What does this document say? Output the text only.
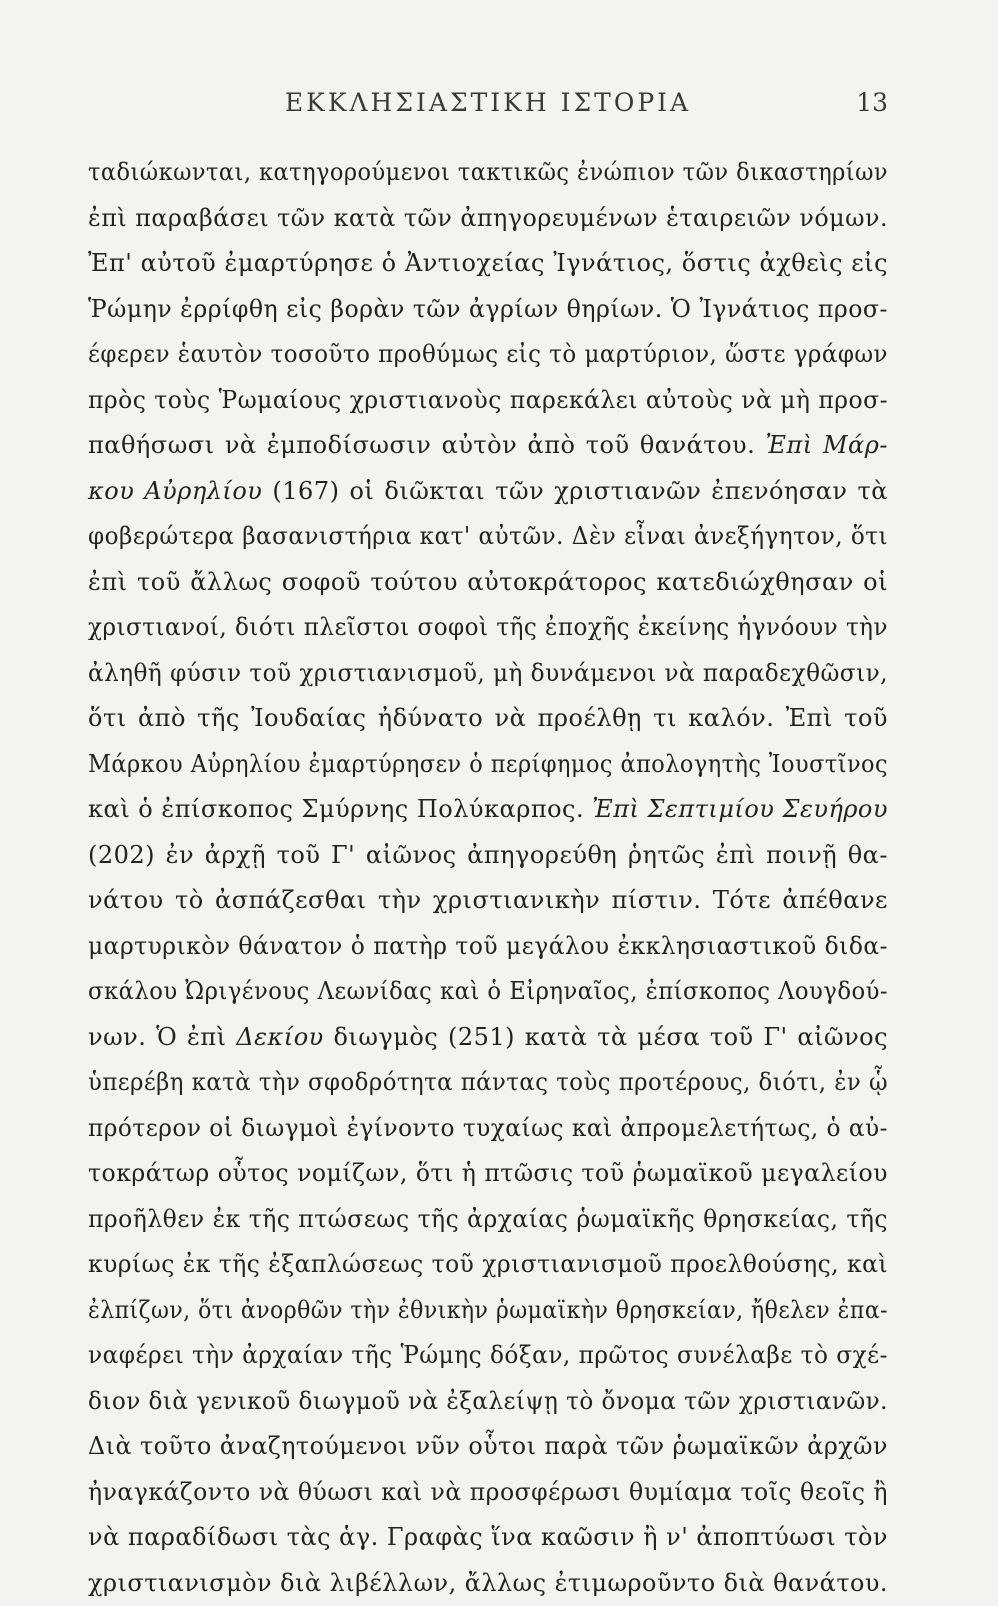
ΕΚΚΛΗΣΙΑΣΤΙΚΗ ΙΣΤΟΡΙΑ	13
ταδιώκωνται, κατηγορούμενοι τακτικῶς ἐνώπιον τῶν δικαστηρίων
ἐπὶ παραβάσει τῶν κατὰ τῶν ἀπηγορευμένων ἑταιρειῶν νόμων.
Ἐπ' αὐτοῦ ἐμαρτύρησε ὁ Ἀντιοχείας Ἰγνάτιος, ὅστις ἀχθεὶς εἰς
Ῥώμην ἐρρίφθη εἰς βορὰν τῶν ἀγρίων θηρίων. Ὁ Ἰγνάτιος προσ-
έφερεν ἑαυτὸν τοσοῦτο προθύμως εἰς τὸ μαρτύριον, ὥστε γράφων
πρὸς τοὺς Ῥωμαίους χριστιανοὺς παρεκάλει αὐτοὺς νὰ μὴ προσ-
παθήσωσι νὰ ἐμποδίσωσιν αὐτὸν ἀπὸ τοῦ θανάτου. Ἐπὶ Μάρ-
κου Αὐρηλίου (167) οἱ διῶκται τῶν χριστιανῶν ἐπενόησαν τὰ
φοβερώτερα βασανιστήρια κατ' αὐτῶν. Δὲν εἶναι ἀνεξήγητον, ὅτι
ἐπὶ τοῦ ἄλλως σοφοῦ τούτου αὐτοκράτορος κατεδιώχθησαν οἱ
χριστιανοί, διότι πλεῖστοι σοφοὶ τῆς ἐποχῆς ἐκείνης ἠγνόουν τὴν
ἀληθῆ φύσιν τοῦ χριστιανισμοῦ, μὴ δυνάμενοι νὰ παραδεχθῶσιν,
ὅτι ἀπὸ τῆς Ἰουδαίας ἠδύνατο νὰ προέλθῃ τι καλόν. Ἐπὶ τοῦ
Μάρκου Αὐρηλίου ἐμαρτύρησεν ὁ περίφημος ἀπολογητὴς Ἰουστῖνος
καὶ ὁ ἐπίσκοπος Σμύρνης Πολύκαρπος. Ἐπὶ Σεπτιμίου Σευήρου
(202) ἐν ἀρχῇ τοῦ Γ' αἰῶνος ἀπηγορεύθη ῥητῶς ἐπὶ ποινῇ θα-
νάτου τὸ ἀσπάζεσθαι τὴν χριστιανικὴν πίστιν. Τότε ἀπέθανε
μαρτυρικὸν θάνατον ὁ πατὴρ τοῦ μεγάλου ἐκκλησιαστικοῦ διδα-
σκάλου Ὠριγένους Λεωνίδας καὶ ὁ Εἰρηναῖος, ἐπίσκοπος Λουγδού-
νων. Ὁ ἐπὶ Δεκίου διωγμὸς (251) κατὰ τὰ μέσα τοῦ Γ' αἰῶνος
ὑπερέβη κατὰ τὴν σφοδρότητα πάντας τοὺς προτέρους, διότι, ἐν ᾧ
πρότερον οἱ διωγμοὶ ἐγίνοντο τυχαίως καὶ ἀπρομελετήτως, ὁ αὐ-
τοκράτωρ οὗτος νομίζων, ὅτι ἡ πτῶσις τοῦ ῥωμαϊκοῦ μεγαλείου
προῆλθεν ἐκ τῆς πτώσεως τῆς ἀρχαίας ῥωμαϊκῆς θρησκείας, τῆς
κυρίως ἐκ τῆς ἐξαπλώσεως τοῦ χριστιανισμοῦ προελθούσης, καὶ
ἐλπίζων, ὅτι ἀνορθῶν τὴν ἐθνικὴν ῥωμαϊκὴν θρησκείαν, ἤθελεν ἐπα-
ναφέρει τὴν ἀρχαίαν τῆς Ῥώμης δόξαν, πρῶτος συνέλαβε τὸ σχέ-
διον διὰ γενικοῦ διωγμοῦ νὰ ἐξαλείψῃ τὸ ὄνομα τῶν χριστιανῶν.
Διὰ τοῦτο ἀναζητούμενοι νῦν οὗτοι παρὰ τῶν ῥωμαϊκῶν ἀρχῶν
ἠναγκάζοντο νὰ θύωσι καὶ νὰ προσφέρωσι θυμίαμα τοῖς θεοῖς ἢ
νὰ παραδίδωσι τὰς ἁγ. Γραφὰς ἵνα καῶσιν ἢ ν' ἀποπτύωσι τὸν
χριστιανισμὸν διὰ λιβέλλων, ἄλλως ἐτιμωροῦντο διὰ θανάτου.
